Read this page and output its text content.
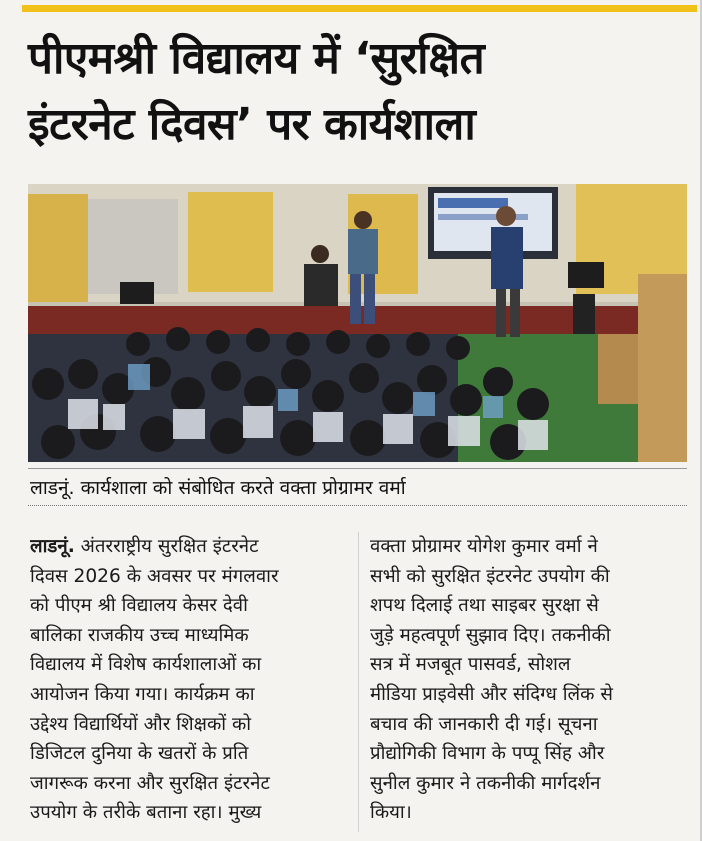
पीएमश्री विद्यालय में ‘सुरक्षित
इंटरनेट दिवस’ पर कार्यशाला
लाडनूं. कार्यशाला को संबोधित करते वक्ता प्रोग्रामर वर्मा
लाडनूं. अंतरराष्ट्रीय सुरक्षित इंटरनेट
दिवस 2026 के अवसर पर मंगलवार
को पीएम श्री विद्यालय केसर देवी
बालिका राजकीय उच्च माध्यमिक
विद्यालय में विशेष कार्यशालाओं का
आयोजन किया गया। कार्यक्रम का
उद्देश्य विद्यार्थियों और शिक्षकों को
डिजिटल दुनिया के खतरों के प्रति
जागरूक करना और सुरक्षित इंटरनेट
उपयोग के तरीके बताना रहा। मुख्य
वक्ता प्रोग्रामर योगेश कुमार वर्मा ने
सभी को सुरक्षित इंटरनेट उपयोग की
शपथ दिलाई तथा साइबर सुरक्षा से
जुड़े महत्वपूर्ण सुझाव दिए। तकनीकी
सत्र में मजबूत पासवर्ड, सोशल
मीडिया प्राइवेसी और संदिग्ध लिंक से
बचाव की जानकारी दी गई। सूचना
प्रौद्योगिकी विभाग के पप्पू सिंह और
सुनील कुमार ने तकनीकी मार्गदर्शन
किया।
